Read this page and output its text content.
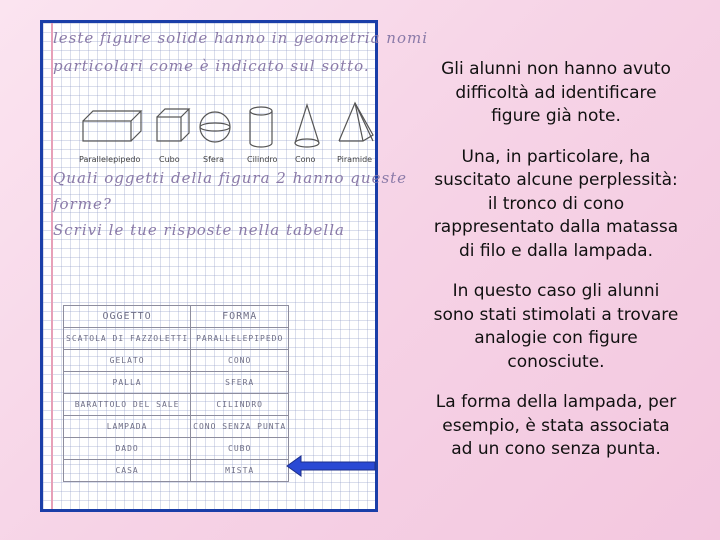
leste figure solide hanno in geometria nomi
particolari come è indicato sul sotto.
Parallelepipedo Cubo	Sfera	Cilindro Cono	Piramide
Quali oggetti della figura 2 hanno queste
forme?
Scrivi le tue risposte nella tabella
OGGETTO	FORMA
SCATOLA DI FAZZOLETTI	PARALLELEPIPEDO
GELATO	CONO
PALLA	SFERA
BARATTOLO DEL SALE	CILINDRO
LAMPADA	CONO SENZA PUNTA
DADO	CUBO
CASA	MISTA

Gli alunni non hanno avuto difficoltà ad identificare figure già note.

Una, in particolare, ha suscitato alcune perplessità: il tronco di cono rappresentato dalla matassa di filo e dalla lampada.

In questo caso gli alunni sono stati stimolati a trovare analogie con figure conosciute.

La forma della lampada, per esempio, è stata associata ad un cono senza punta.
